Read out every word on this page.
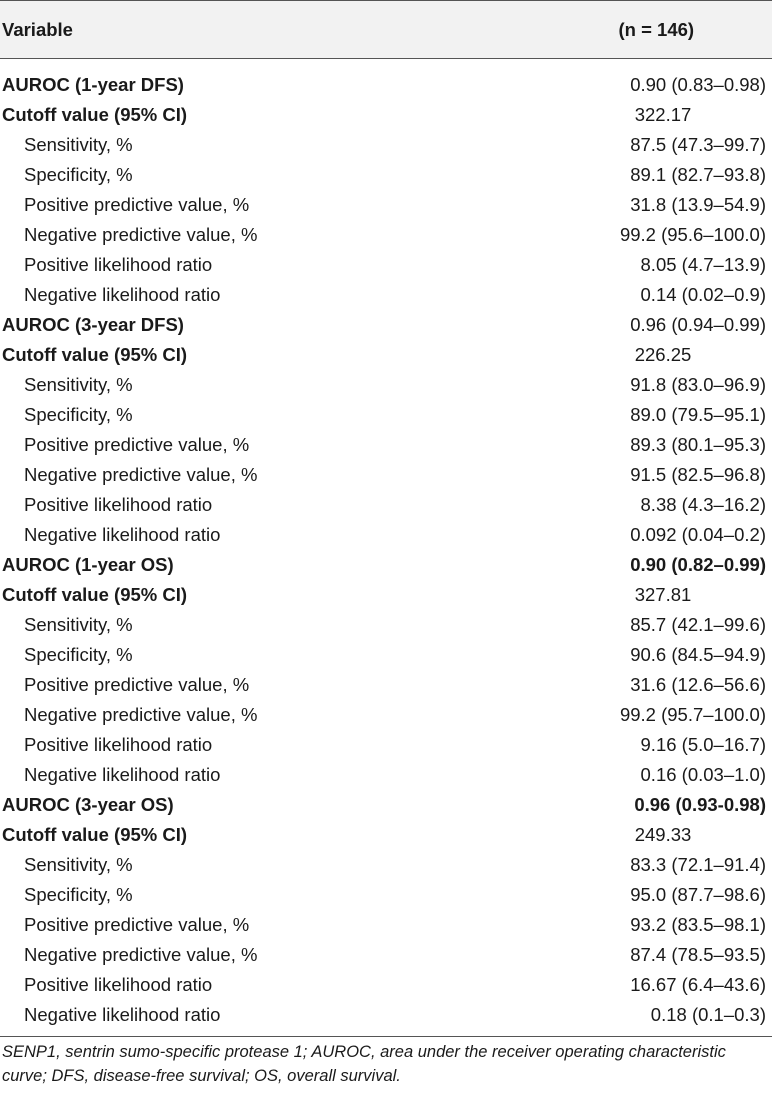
Variable	(n = 146)
AUROC (1-year DFS)	0.90 (0.83–0.98)
Cutoff value (95% CI)	322.17
Sensitivity, %	87.5 (47.3–99.7)
Specificity, %	89.1 (82.7–93.8)
Positive predictive value, %	31.8 (13.9–54.9)
Negative predictive value, %	99.2 (95.6–100.0)
Positive likelihood ratio	8.05 (4.7–13.9)
Negative likelihood ratio	0.14 (0.02–0.9)
AUROC (3-year DFS)	0.96 (0.94–0.99)
Cutoff value (95% CI)	226.25
Sensitivity, %	91.8 (83.0–96.9)
Specificity, %	89.0 (79.5–95.1)
Positive predictive value, %	89.3 (80.1–95.3)
Negative predictive value, %	91.5 (82.5–96.8)
Positive likelihood ratio	8.38 (4.3–16.2)
Negative likelihood ratio	0.092 (0.04–0.2)
AUROC (1-year OS)	0.90 (0.82–0.99)
Cutoff value (95% CI)	327.81
Sensitivity, %	85.7 (42.1–99.6)
Specificity, %	90.6 (84.5–94.9)
Positive predictive value, %	31.6 (12.6–56.6)
Negative predictive value, %	99.2 (95.7–100.0)
Positive likelihood ratio	9.16 (5.0–16.7)
Negative likelihood ratio	0.16 (0.03–1.0)
AUROC (3-year OS)	0.96 (0.93-0.98)
Cutoff value (95% CI)	249.33
Sensitivity, %	83.3 (72.1–91.4)
Specificity, %	95.0 (87.7–98.6)
Positive predictive value, %	93.2 (83.5–98.1)
Negative predictive value, %	87.4 (78.5–93.5)
Positive likelihood ratio	16.67 (6.4–43.6)
Negative likelihood ratio	0.18 (0.1–0.3)
SENP1, sentrin sumo-specific protease 1; AUROC, area under the receiver operating characteristic curve; DFS, disease-free survival; OS, overall survival.
